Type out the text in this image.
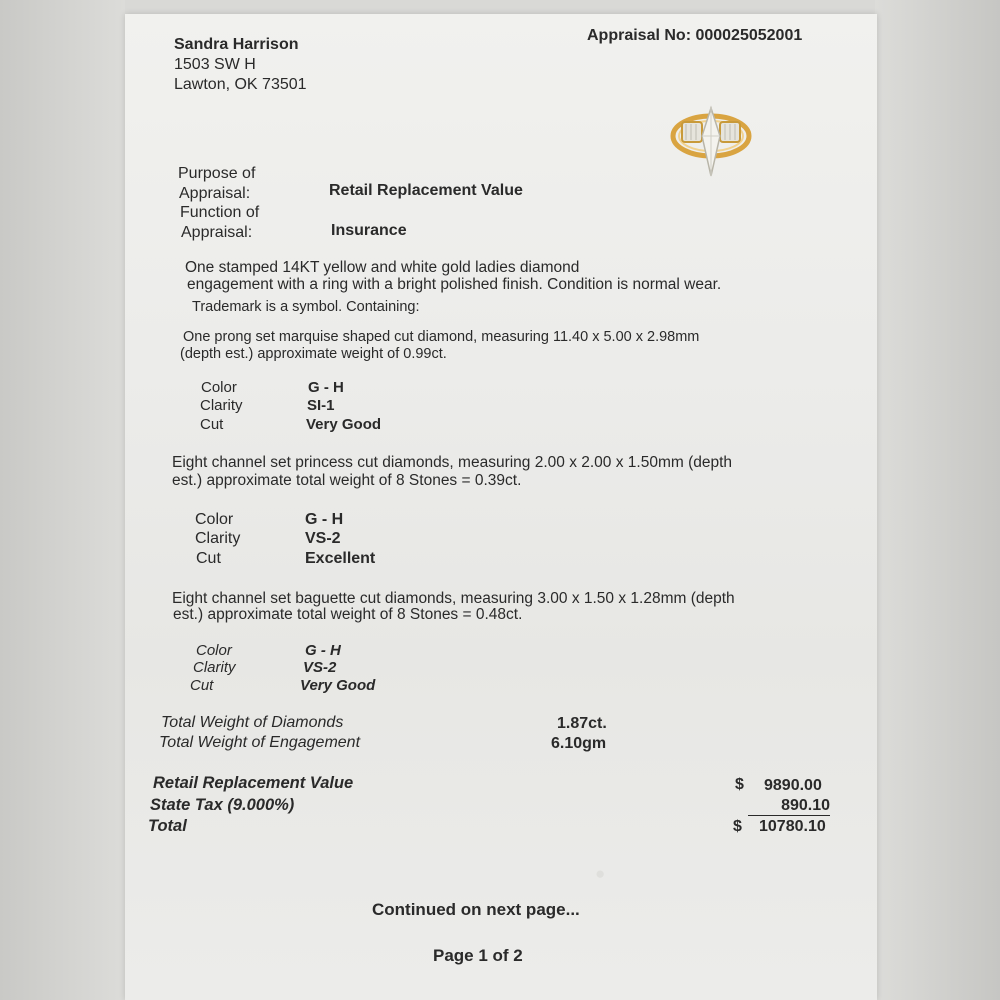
●
Sandra Harrison
1503 SW H
Lawton, OK 73501
Appraisal No: 000025052001
Purpose of
Appraisal:	Retail Replacement Value
Function of
Appraisal:	Insurance
One stamped 14KT yellow and white gold ladies diamond
engagement with a ring with a bright polished finish. Condition is normal wear.
Trademark is a symbol. Containing:
One prong set marquise shaped cut diamond, measuring 11.40 x 5.00 x 2.98mm
(depth est.) approximate weight of 0.99ct.
Color	G - H
Clarity	SI-1
Cut	Very Good
Eight channel set princess cut diamonds, measuring 2.00 x 2.00 x 1.50mm (depth
est.) approximate total weight of 8 Stones = 0.39ct.
Color	G - H
Clarity	VS-2
Cut	Excellent
Eight channel set baguette cut diamonds, measuring 3.00 x 1.50 x 1.28mm (depth
est.) approximate total weight of 8 Stones = 0.48ct.
Color	G - H
Clarity	VS-2
Cut	Very Good
Total Weight of Diamonds	1.87ct.
Total Weight of Engagement	6.10gm
Retail Replacement Value	$ 9890.00
State Tax (9.000%)	890.10
Total	$ 10780.10
Continued on next page...
Page 1 of 2
